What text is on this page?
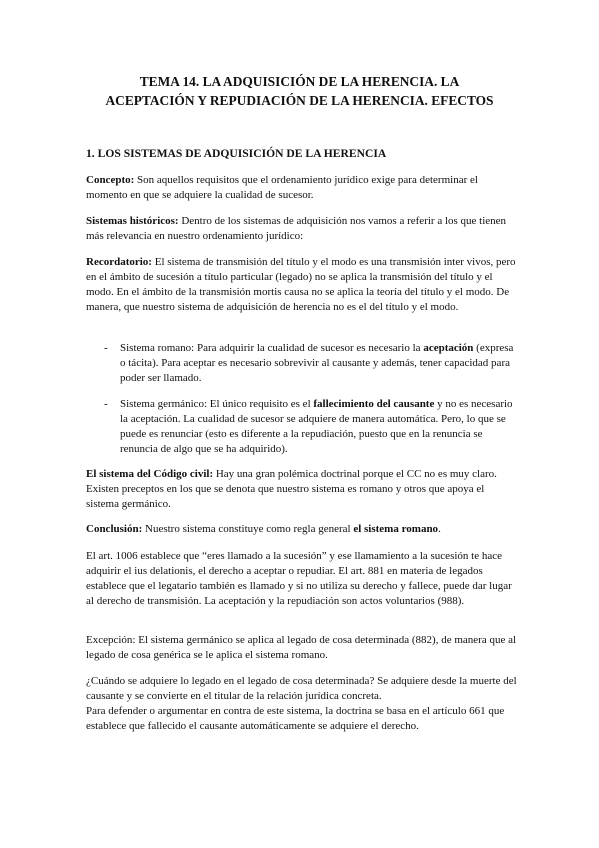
TEMA 14. LA ADQUISICIÓN DE LA HERENCIA. LA
ACEPTACIÓN Y REPUDIACIÓN DE LA HERENCIA. EFECTOS
1. LOS SISTEMAS DE ADQUISICIÓN DE LA HERENCIA

Concepto: Son aquellos requisitos que el ordenamiento jurídico exige para determinar el momento en que se adquiere la cualidad de sucesor.

Sistemas históricos: Dentro de los sistemas de adquisición nos vamos a referir a los que tienen más relevancia en nuestro ordenamiento jurídico:

Recordatorio: El sistema de transmisión del título y el modo es una transmisión inter vivos, pero en el ámbito de sucesión a título particular (legado) no se aplica la transmisión del título y el modo. En el ámbito de la transmisión mortis causa no se aplica la teoría del título y el modo. De manera, que nuestro sistema de adquisición de herencia no es el del título y el modo.

-	Sistema romano: Para adquirir la cualidad de sucesor es necesario la aceptación (expresa o tácita). Para aceptar es necesario sobrevivir al causante y además, tener capacidad para poder ser llamado.
-	Sistema germánico: El único requisito es el fallecimiento del causante y no es necesario la aceptación. La cualidad de sucesor se adquiere de manera automática. Pero, lo que se puede es renunciar (esto es diferente a la repudiación, puesto que en la renuncia se renuncia de algo que se ha adquirido).

El sistema del Código civil: Hay una gran polémica doctrinal porque el CC no es muy claro. Existen preceptos en los que se denota que nuestro sistema es romano y otros que apoya el sistema germánico.

Conclusión: Nuestro sistema constituye como regla general el sistema romano.

El art. 1006 establece que “eres llamado a la sucesión” y ese llamamiento a la sucesión te hace adquirir el ius delationis, el derecho a aceptar o repudiar. El art. 881 en materia de legados establece que el legatario también es llamado y si no utiliza su derecho y fallece, puede dar lugar al derecho de transmisión. La aceptación y la repudiación son actos voluntarios (988).

Excepción: El sistema germánico se aplica al legado de cosa determinada (882), de manera que al legado de cosa genérica se le aplica el sistema romano.

¿Cuándo se adquiere lo legado en el legado de cosa determinada? Se adquiere desde la muerte del causante y se convierte en el titular de la relación jurídica concreta.
Para defender o argumentar en contra de este sistema, la doctrina se basa en el artículo 661 que establece que fallecido el causante automáticamente se adquiere el derecho.
